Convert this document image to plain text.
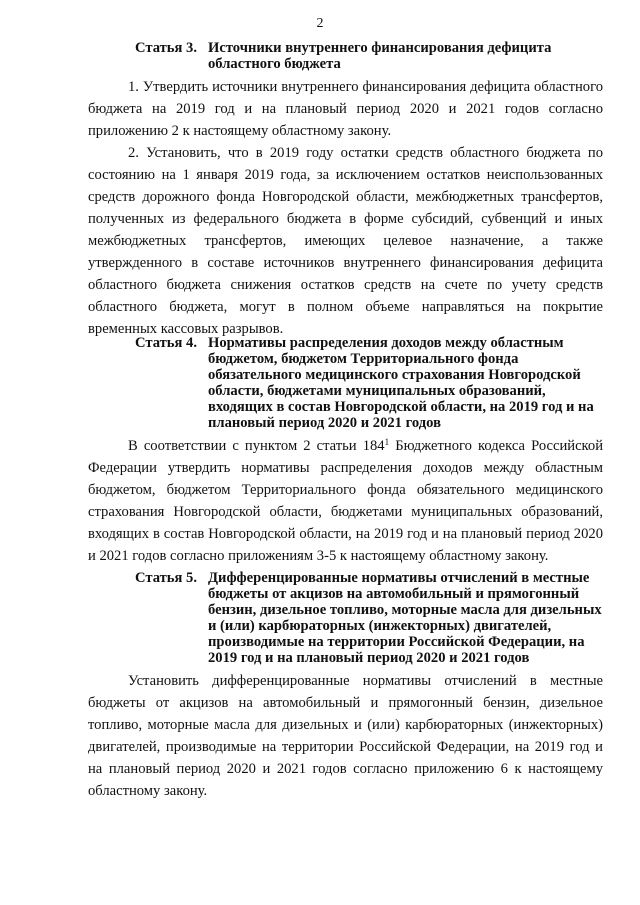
2
Статья 3. Источники внутреннего финансирования дефицита областного бюджета

1. Утвердить источники внутреннего финансирования дефицита областного бюджета на 2019 год и на плановый период 2020 и 2021 годов согласно приложению 2 к настоящему областному закону.

2. Установить, что в 2019 году остатки средств областного бюджета по состоянию на 1 января 2019 года, за исключением остатков неиспользованных средств дорожного фонда Новгородской области, межбюджетных трансфертов, полученных из федерального бюджета в форме субсидий, субвенций и иных межбюджетных трансфертов, имеющих целевое назначение, а также утвержденного в составе источников внутреннего финансирования дефицита областного бюджета снижения остатков средств на счете по учету средств областного бюджета, могут в полном объеме направляться на покрытие временных кассовых разрывов.

Статья 4. Нормативы распределения доходов между областным бюджетом, бюджетом Территориального фонда обязательного медицинского страхования Новгородской области, бюджетами муниципальных образований, входящих в состав Новгородской области, на 2019 год и на плановый период 2020 и 2021 годов

В соответствии с пунктом 2 статьи $184^1$ Бюджетного кодекса Российской Федерации утвердить нормативы распределения доходов между областным бюджетом, бюджетом Территориального фонда обязательного медицинского страхования Новгородской области, бюджетами муниципальных образований, входящих в состав Новгородской области, на 2019 год и на плановый период 2020 и 2021 годов согласно приложениям 3-5 к настоящему областному закону.

Статья 5. Дифференцированные нормативы отчислений в местные бюджеты от акцизов на автомобильный и прямогонный бензин, дизельное топливо, моторные масла для дизельных и (или) карбюраторных (инжекторных) двигателей, производимые на территории Российской Федерации, на 2019 год и на плановый период 2020 и 2021 годов

Установить дифференцированные нормативы отчислений в местные бюджеты от акцизов на автомобильный и прямогонный бензин, дизельное топливо, моторные масла для дизельных и (или) карбюраторных (инжекторных) двигателей, производимые на территории Российской Федерации, на 2019 год и на плановый период 2020 и 2021 годов согласно приложению 6 к настоящему областному закону.
